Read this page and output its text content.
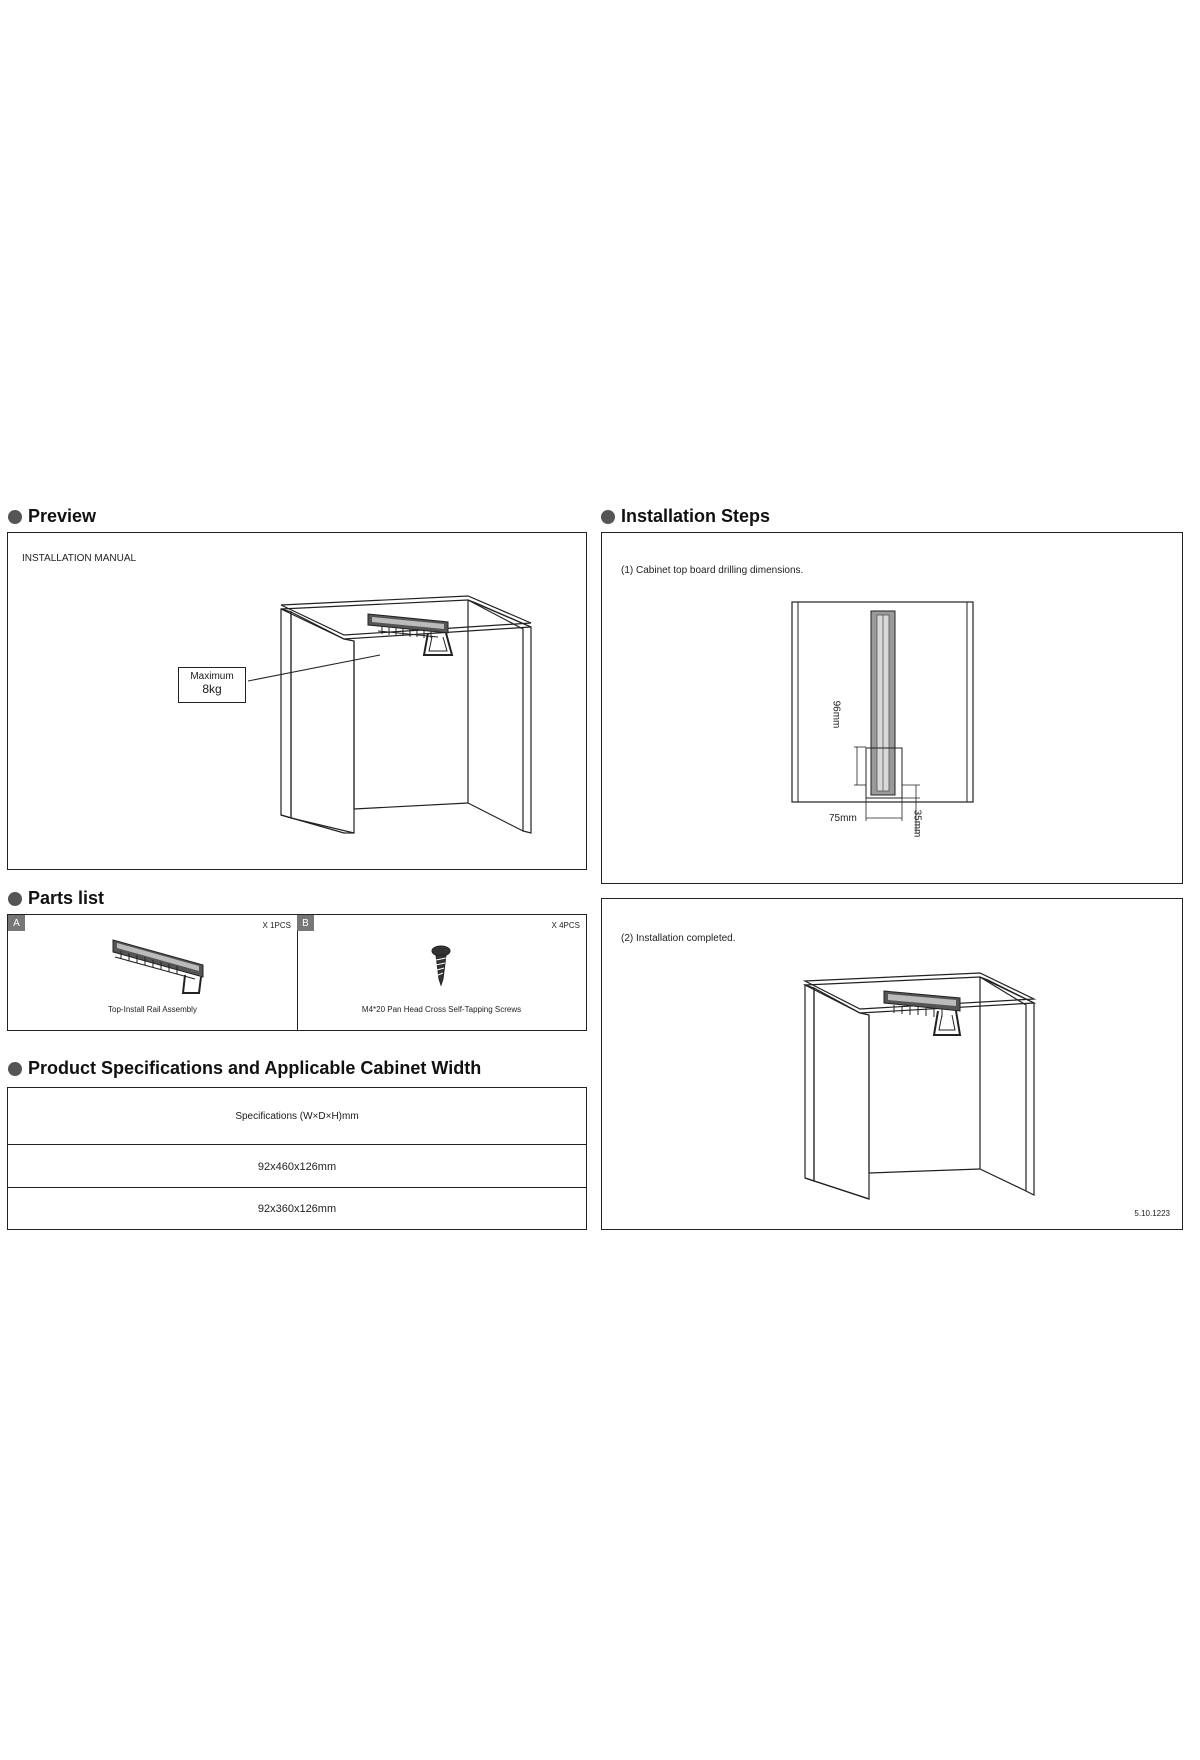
Preview
INSTALLATION MANUAL
Maximum
8kg
Parts list
A	X 1PCS
Top-Install Rail Assembly
B	X 4PCS
M4*20 Pan Head Cross Self-Tapping Screws
Product Specifications and Applicable Cabinet Width
Specifications (W×D×H)mm
92x460x126mm
92x360x126mm
Installation Steps
(1) Cabinet top board drilling dimensions.
96mm
75mm	35mm
(2) Installation completed.
5.10.1223
